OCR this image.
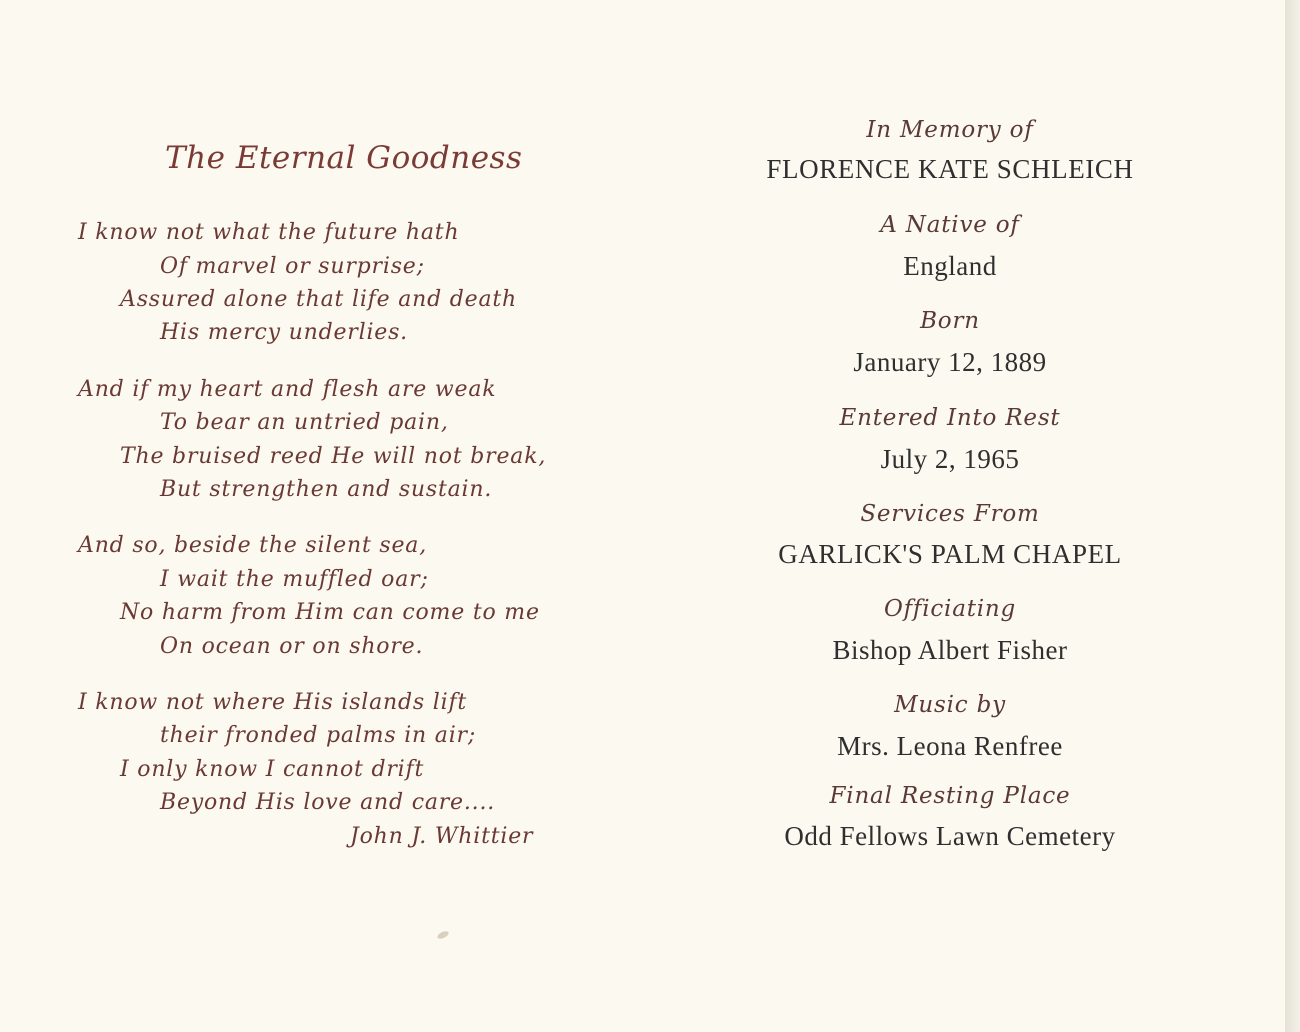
The Eternal Goodness
I know not what the future hath
Of marvel or surprise;
Assured alone that life and death
His mercy underlies.
And if my heart and flesh are weak
To bear an untried pain,
The bruised reed He will not break,
But strengthen and sustain.
And so, beside the silent sea,
I wait the muffled oar;
No harm from Him can come to me
On ocean or on shore.
I know not where His islands lift
their fronded palms in air;
I only know I cannot drift
Beyond His love and care....
John J. Whittier
In Memory of
FLORENCE KATE SCHLEICH
A Native of
England
Born
January 12, 1889
Entered Into Rest
July 2, 1965
Services From
GARLICK'S PALM CHAPEL
Officiating
Bishop Albert Fisher
Music by
Mrs. Leona Renfree
Final Resting Place
Odd Fellows Lawn Cemetery
